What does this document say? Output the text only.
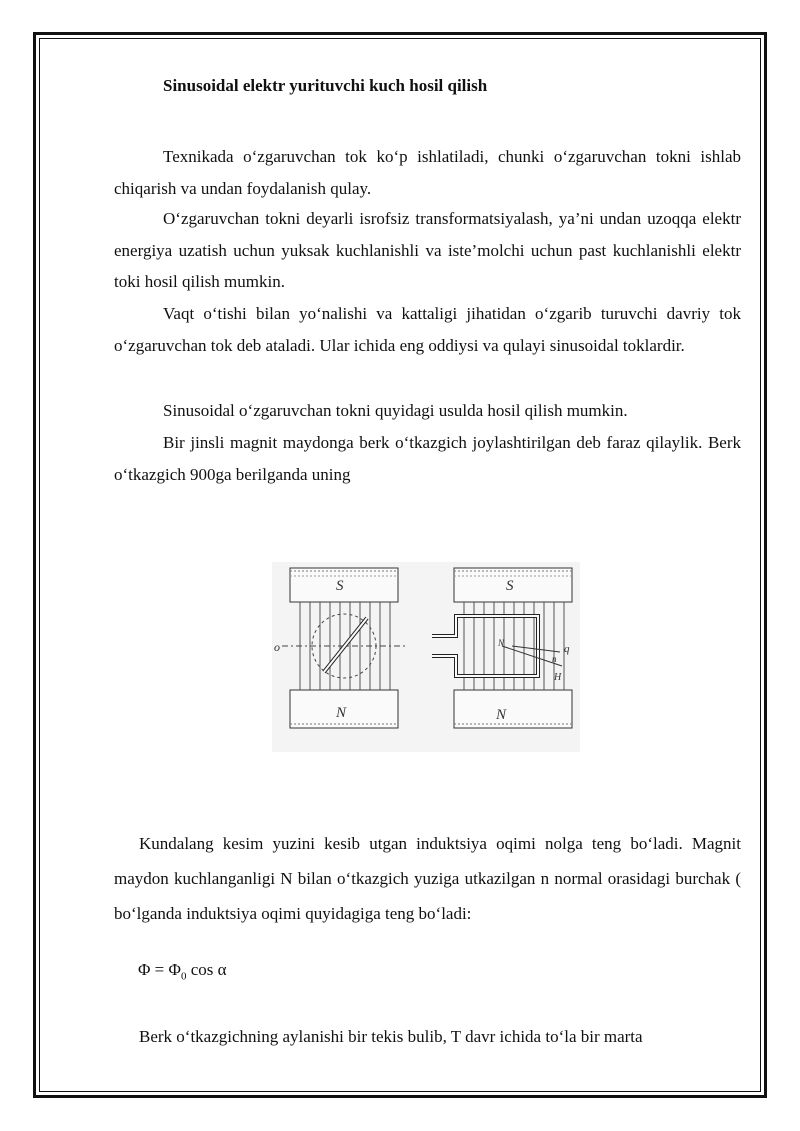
Sinusoidal elektr yurituvchi kuch hosil qilish

Texnikada o‘zgaruvchan tok ko‘p ishlatiladi, chunki o‘zgaruvchan tokni ishlab chiqarish va undan foydalanish qulay.

O‘zgaruvchan tokni deyarli isrofsiz transformatsiyalash, ya’ni undan uzoqqa elektr energiya uzatish uchun yuksak kuchlanishli va iste’molchi uchun past kuchlanishli elektr toki hosil qilish mumkin.

Vaqt o‘tishi bilan yo‘nalishi va kattaligi jihatidan o‘zgarib turuvchi davriy tok o‘zgaruvchan tok deb ataladi. Ular ichida eng oddiysi va qulayi sinusoidal toklardir.

Sinusoidal o‘zgaruvchan tokni quyidagi usulda hosil qilish mumkin.

Bir jinsli magnit maydonga berk o‘tkazgich joylashtirilgan deb faraz qilaylik. Berk o‘tkazgich 900ga berilganda uning

S
N
o
S
N
q
n
H
N

Kundalang kesim yuzini kesib utgan induktsiya oqimi nolga teng bo‘ladi. Magnit maydon kuchlanganligi N bilan o‘tkazgich yuziga utkazilgan n normal orasidagi burchak ( bo‘lganda induktsiya oqimi quyidagiga teng bo‘ladi:

$\Phi = \Phi_0$ cos α

Berk o‘tkazgichning aylanishi bir tekis bulib, T davr ichida to‘la bir marta
